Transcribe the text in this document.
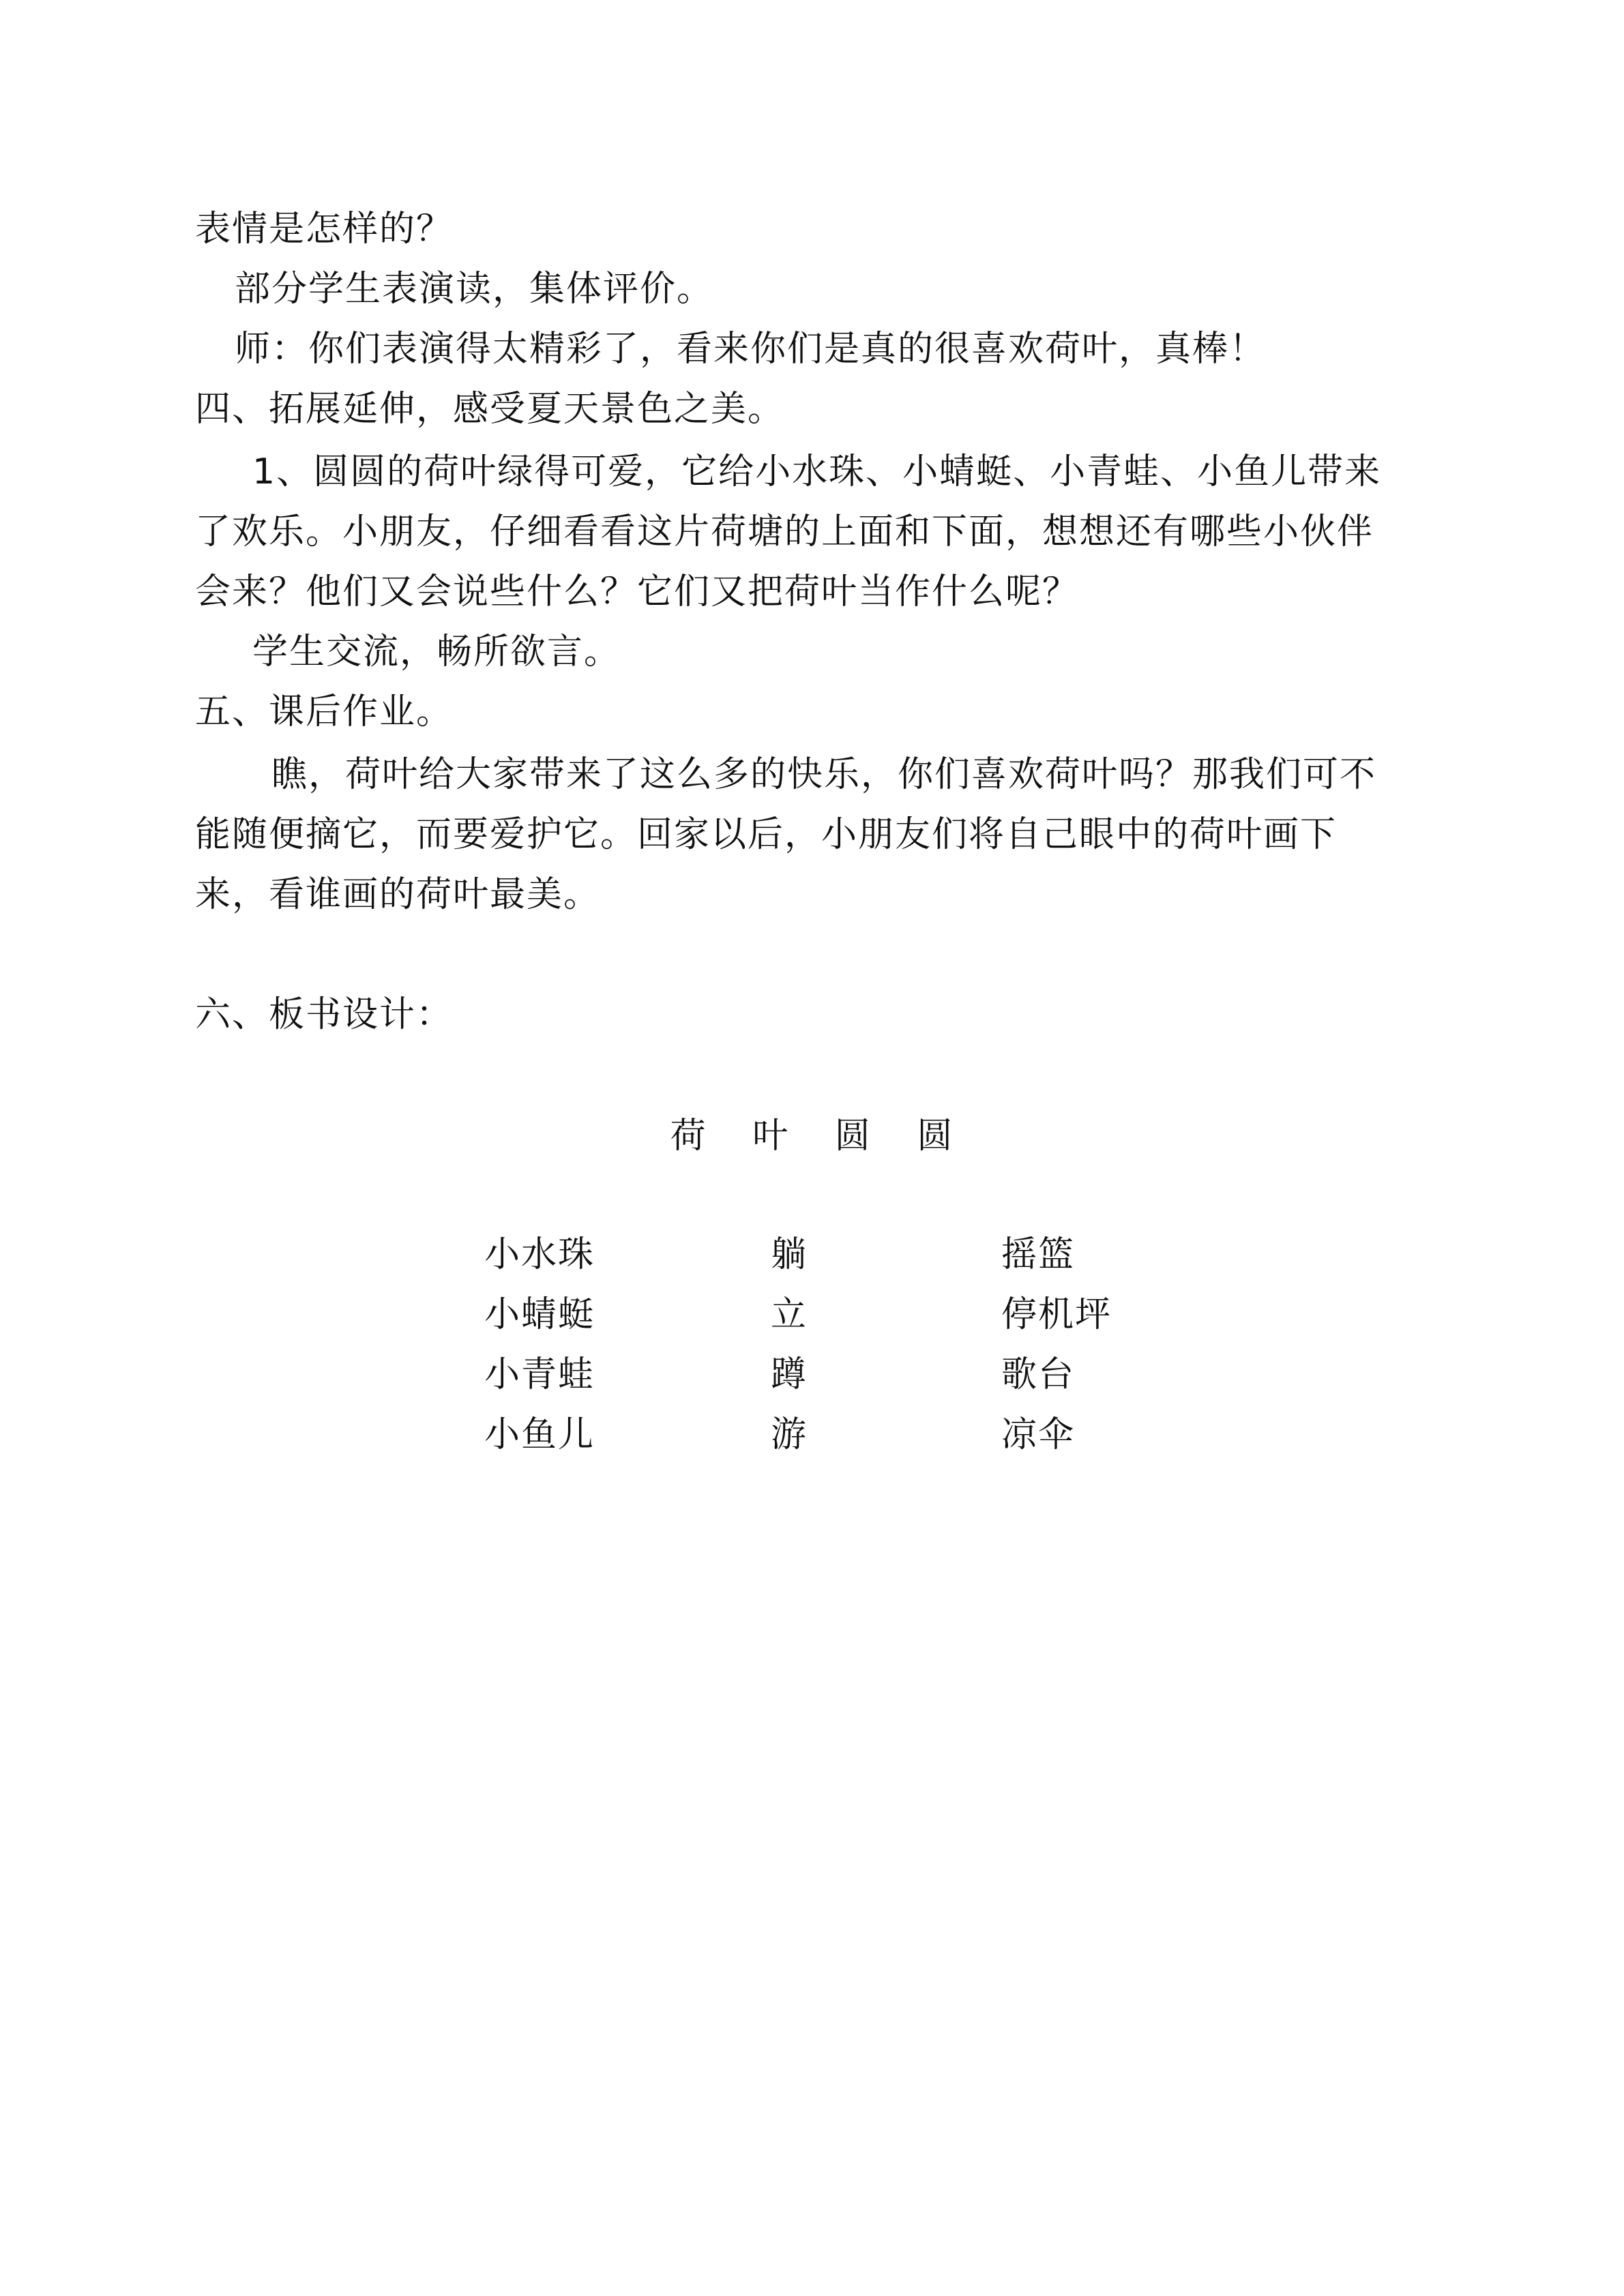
表情是怎样的？
部分学生表演读，集体评价。
师：你们表演得太精彩了，看来你们是真的很喜欢荷叶，真棒！
四、拓展延伸，感受夏天景色之美。
1、圆圆的荷叶绿得可爱，它给小水珠、小蜻蜓、小青蛙、小鱼儿带来
了欢乐。小朋友，仔细看看这片荷塘的上面和下面，想想还有哪些小伙伴
会来？他们又会说些什么？它们又把荷叶当作什么呢？
学生交流，畅所欲言。
五、课后作业。
瞧，荷叶给大家带来了这么多的快乐，你们喜欢荷叶吗？那我们可不
能随便摘它，而要爱护它。回家以后，小朋友们将自己眼中的荷叶画下
来，看谁画的荷叶最美。
六、板书设计：
荷 叶 圆 圆
小水珠	躺	摇篮
小蜻蜓	立	停机坪
小青蛙	蹲	歌台
小鱼儿	游	凉伞
